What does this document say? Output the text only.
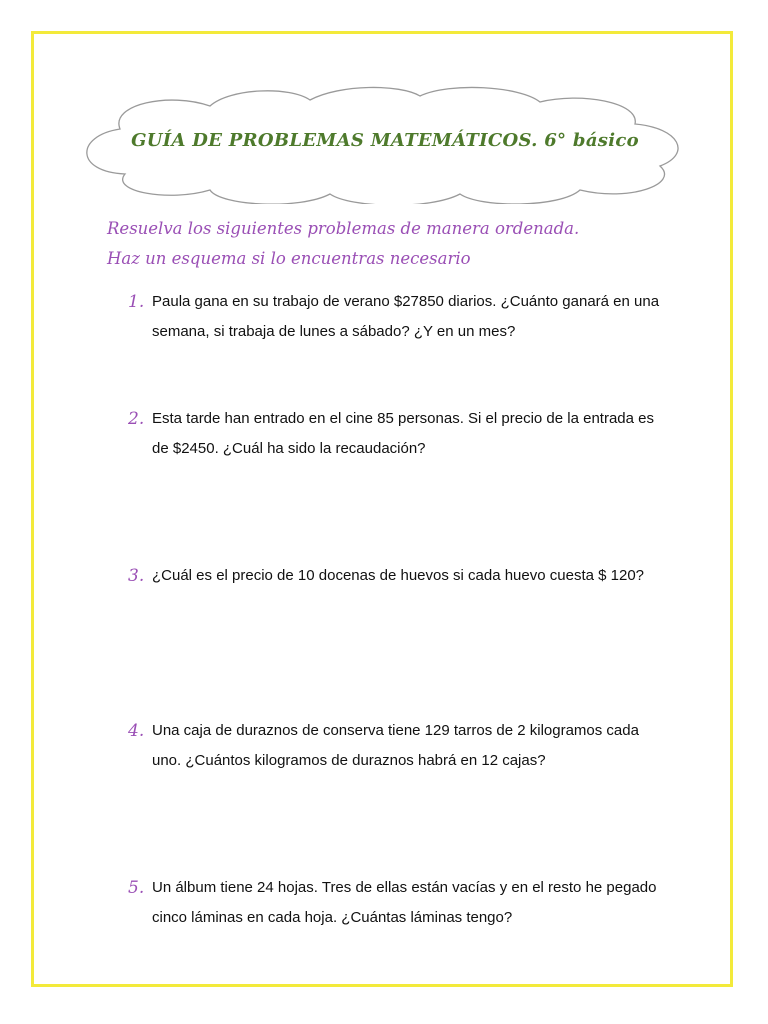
GUÍA DE PROBLEMAS MATEMÁTICOS. 6° básico
Resuelva los siguientes problemas de manera ordenada.
Haz un esquema si lo encuentras necesario
1. Paula gana en su trabajo de verano $27850 diarios. ¿Cuánto ganará en una semana, si trabaja de lunes a sábado? ¿Y en un mes?
2. Esta tarde han entrado en el cine 85 personas. Si el precio de la entrada es de $2450. ¿Cuál ha sido la recaudación?
3. ¿Cuál es el precio de 10 docenas de huevos si cada huevo cuesta $ 120?
4. Una caja de duraznos de conserva tiene 129 tarros de 2 kilogramos cada uno. ¿Cuántos kilogramos de duraznos habrá en 12 cajas?
5. Un álbum tiene 24 hojas. Tres de ellas están vacías y en el resto he pegado cinco láminas en cada hoja. ¿Cuántas láminas tengo?
